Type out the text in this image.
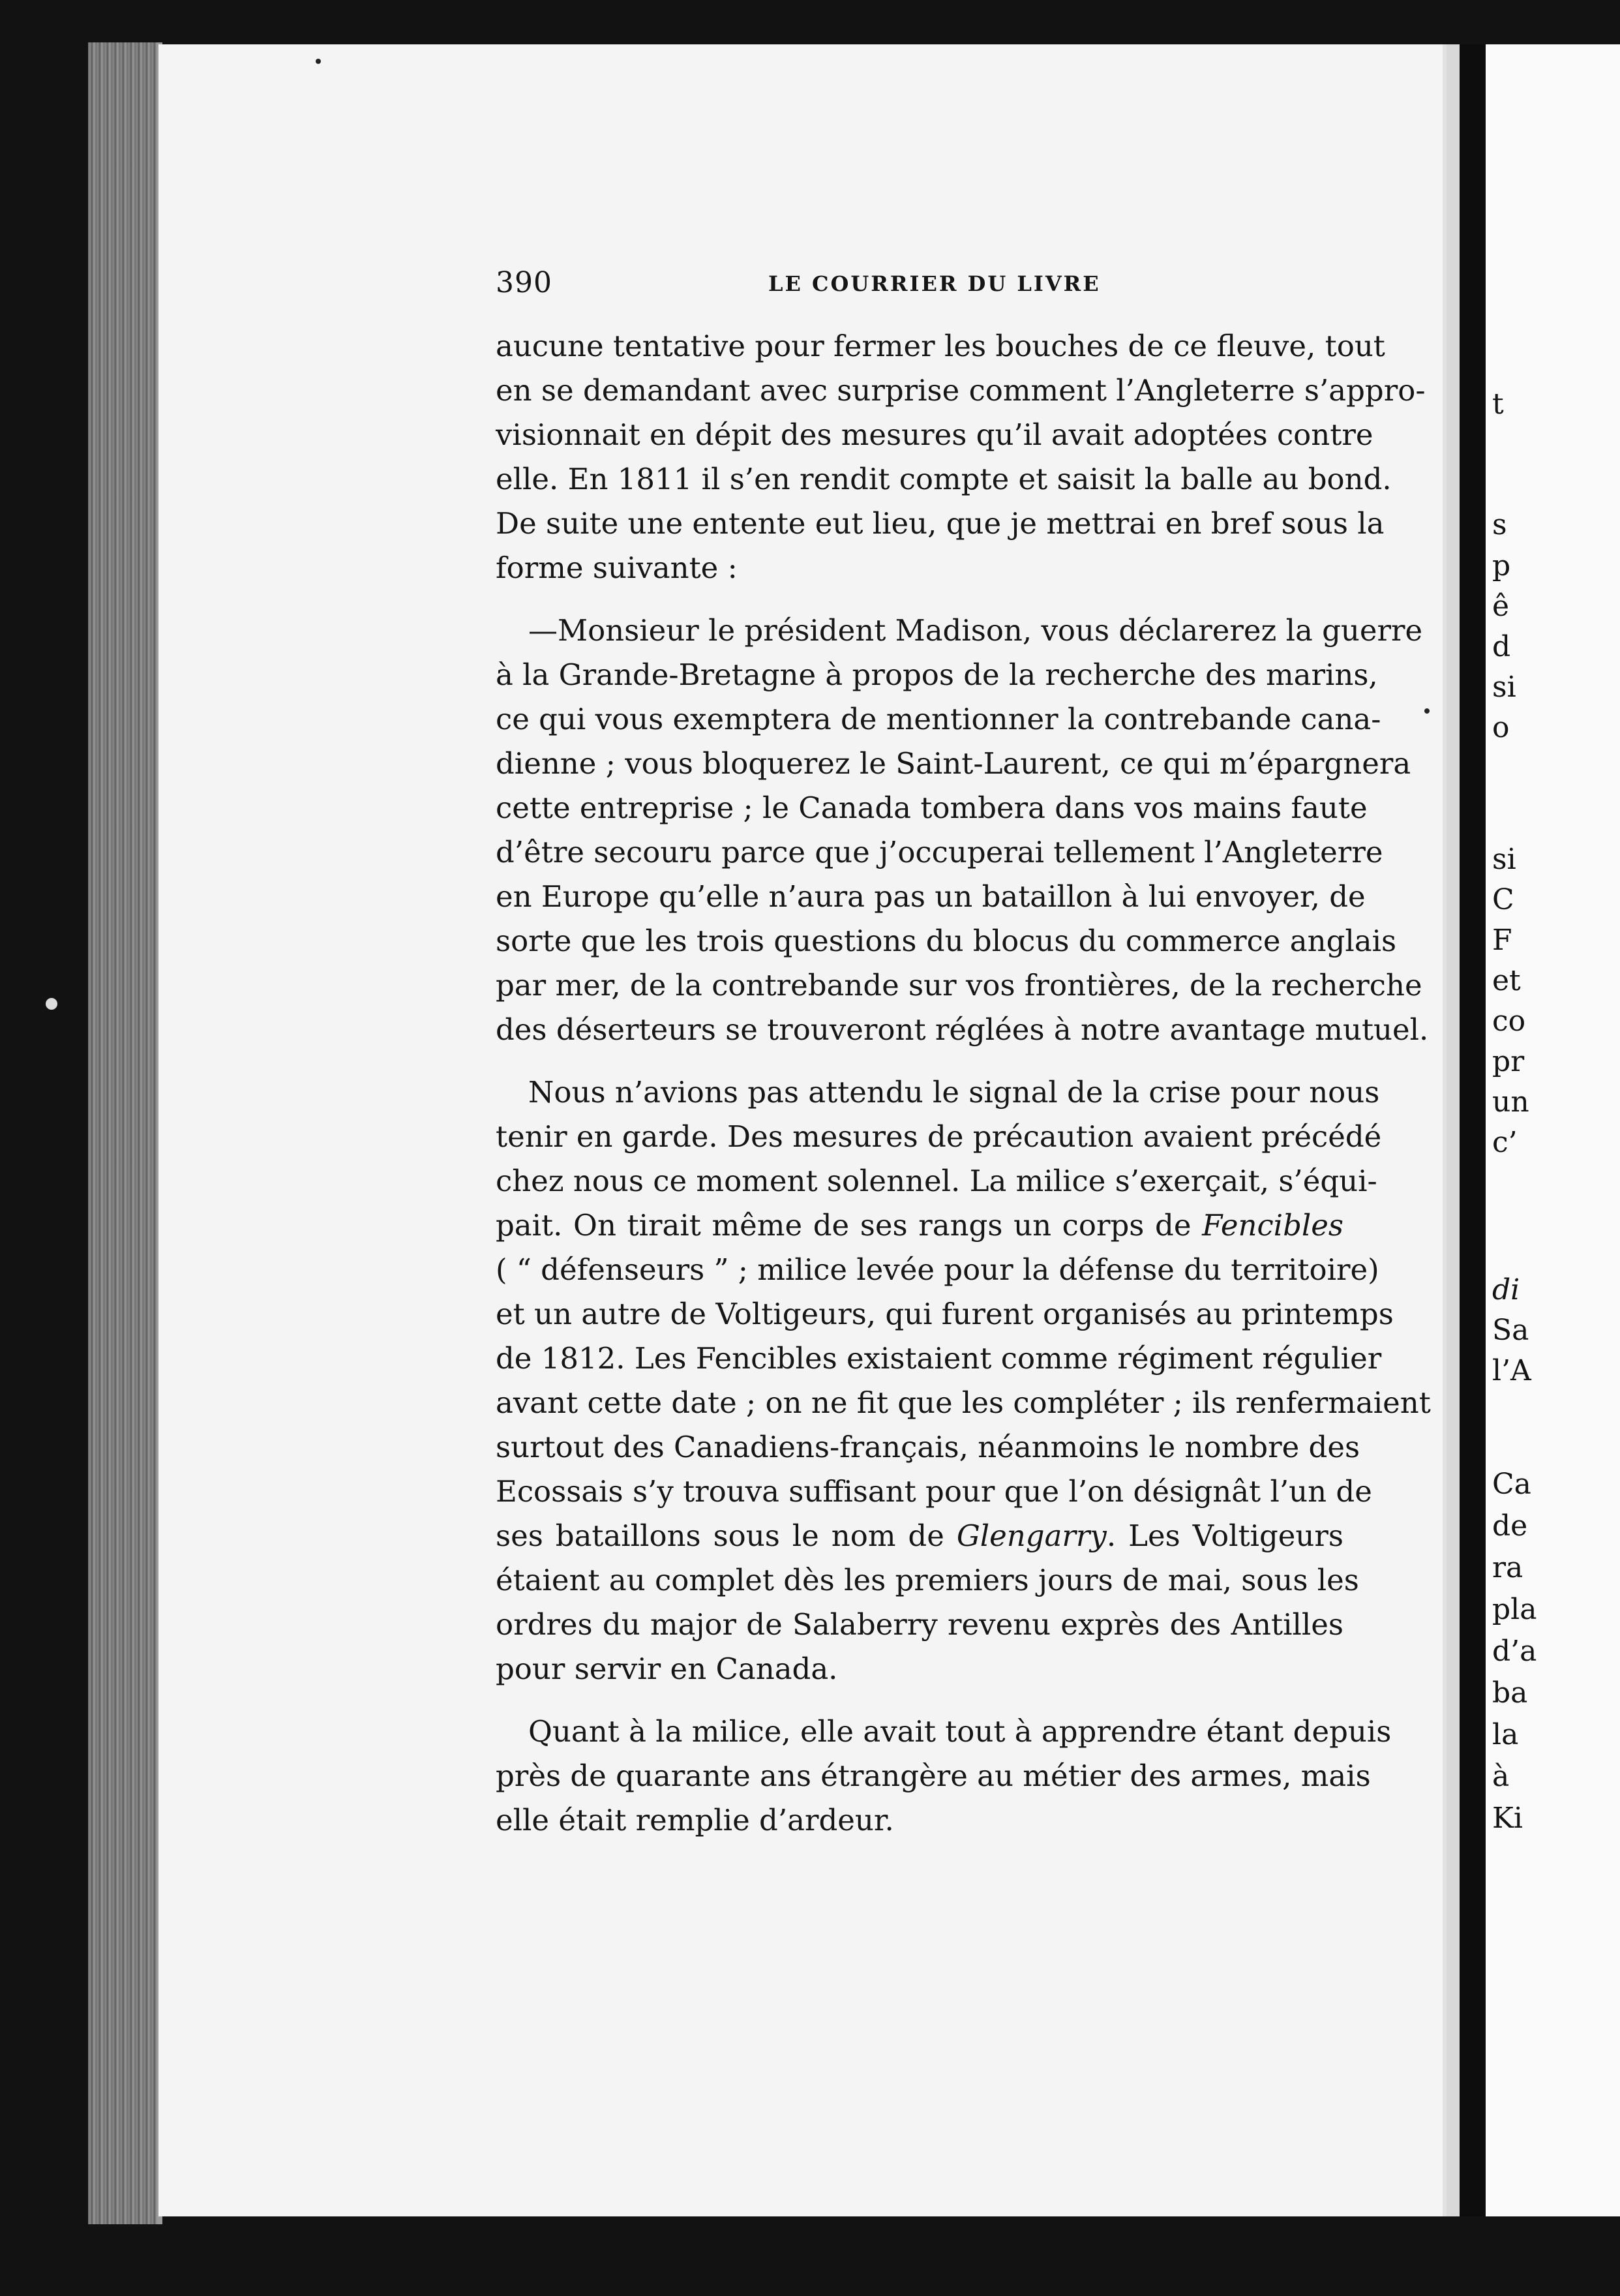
t
s
p
ê
d
si
o
si
C
F
et
co
pr
un
c’
di
Sa
l’A
Ca
de
ra
pla
d’a
ba
la
à
Ki
390	LE COURRIER DU LIVRE

aucune tentative pour fermer les bouches de ce fleuve, tout
en se demandant avec surprise comment l’Angleterre s’appro-
visionnait en dépit des mesures qu’il avait adoptées contre
elle. En 1811 il s’en rendit compte et saisit la balle au bond.
De suite une entente eut lieu, que je mettrai en bref sous la
forme suivante :

—Monsieur le président Madison, vous déclarerez la guerre
à la Grande-Bretagne à propos de la recherche des marins,
ce qui vous exemptera de mentionner la contrebande cana-
dienne ; vous bloquerez le Saint-Laurent, ce qui m’épargnera
cette entreprise ; le Canada tombera dans vos mains faute
d’être secouru parce que j’occuperai tellement l’Angleterre
en Europe qu’elle n’aura pas un bataillon à lui envoyer, de
sorte que les trois questions du blocus du commerce anglais
par mer, de la contrebande sur vos frontières, de la recherche
des déserteurs se trouveront réglées à notre avantage mutuel.

Nous n’avions pas attendu le signal de la crise pour nous
tenir en garde. Des mesures de précaution avaient précédé
chez nous ce moment solennel. La milice s’exerçait, s’équi-
pait. On tirait même de ses rangs un corps de Fencibles
( “ défenseurs ” ; milice levée pour la défense du territoire)
et un autre de Voltigeurs, qui furent organisés au printemps
de 1812. Les Fencibles existaient comme régiment régulier
avant cette date ; on ne fit que les compléter ; ils renfermaient
surtout des Canadiens-français, néanmoins le nombre des
Ecossais s’y trouva suffisant pour que l’on désignât l’un de
ses bataillons sous le nom de Glengarry. Les Voltigeurs
étaient au complet dès les premiers jours de mai, sous les
ordres du major de Salaberry revenu exprès des Antilles
pour servir en Canada.

Quant à la milice, elle avait tout à apprendre étant depuis
près de quarante ans étrangère au métier des armes, mais
elle était remplie d’ardeur.
